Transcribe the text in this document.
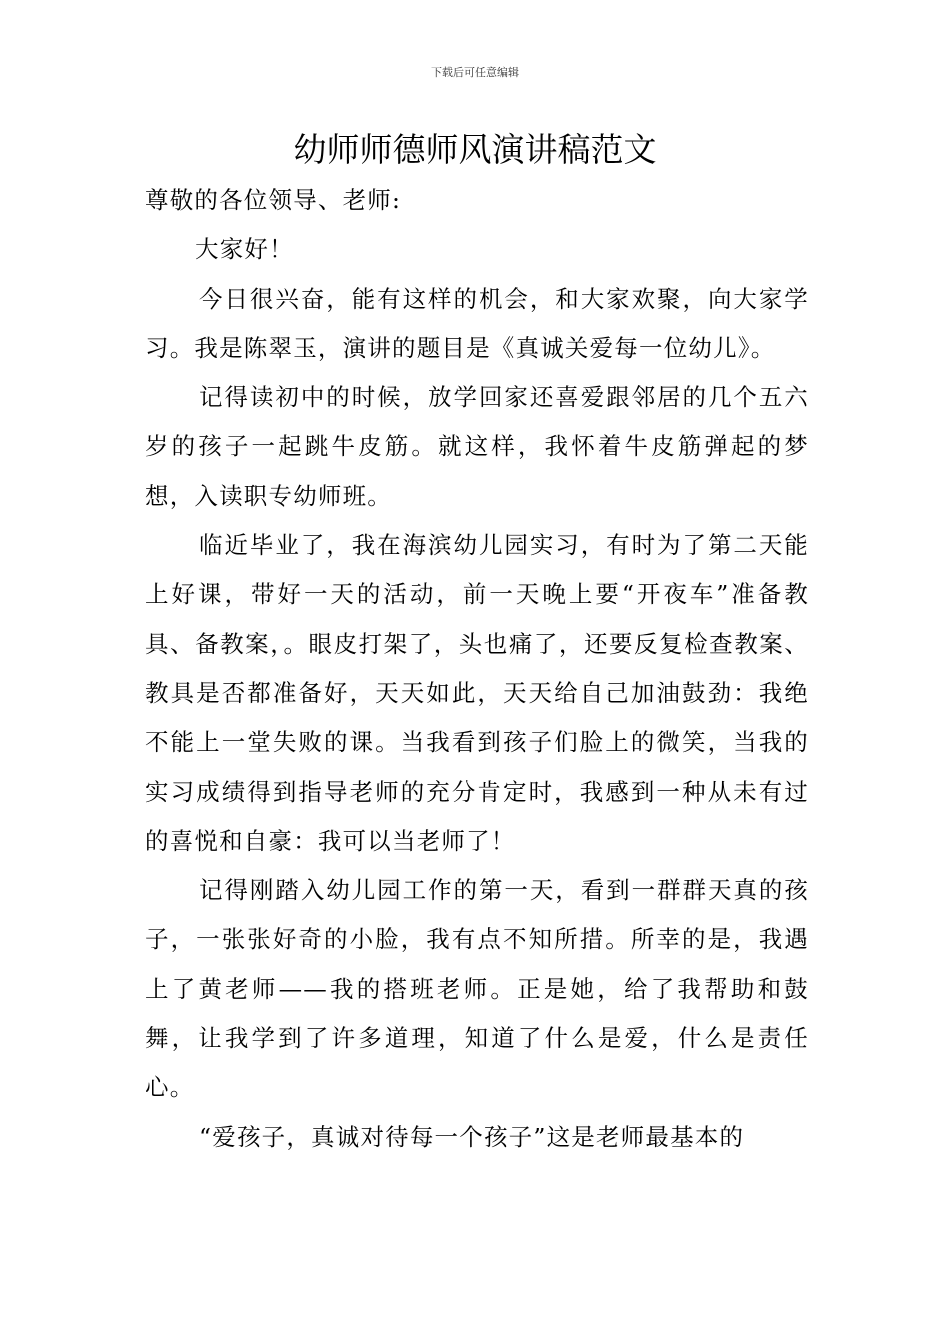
下载后可任意编辑
幼师师德师风演讲稿范文

尊敬的各位领导、老师:

大家好！

今日很兴奋，能有这样的机会，和大家欢聚，向大家学习。我是陈翠玉，演讲的题目是《真诚关爱每一位幼儿》。

记得读初中的时候，放学回家还喜爱跟邻居的几个五六岁的孩子一起跳牛皮筋。就这样，我怀着牛皮筋弹起的梦想，入读职专幼师班。

临近毕业了，我在海滨幼儿园实习，有时为了第二天能上好课，带好一天的活动，前一天晚上要“开夜车”准备教具、备教案，。眼皮打架了，头也痛了，还要反复检查教案、教具是否都准备好，天天如此，天天给自己加油鼓劲：我绝不能上一堂失败的课。当我看到孩子们脸上的微笑，当我的实习成绩得到指导老师的充分肯定时，我感到一种从未有过的喜悦和自豪：我可以当老师了！

记得刚踏入幼儿园工作的第一天，看到一群群天真的孩子，一张张好奇的小脸，我有点不知所措。所幸的是，我遇上了黄老师——我的搭班老师。正是她，给了我帮助和鼓舞，让我学到了许多道理，知道了什么是爱，什么是责任心。

“爱孩子，真诚对待每一个孩子”这是老师最基本的
